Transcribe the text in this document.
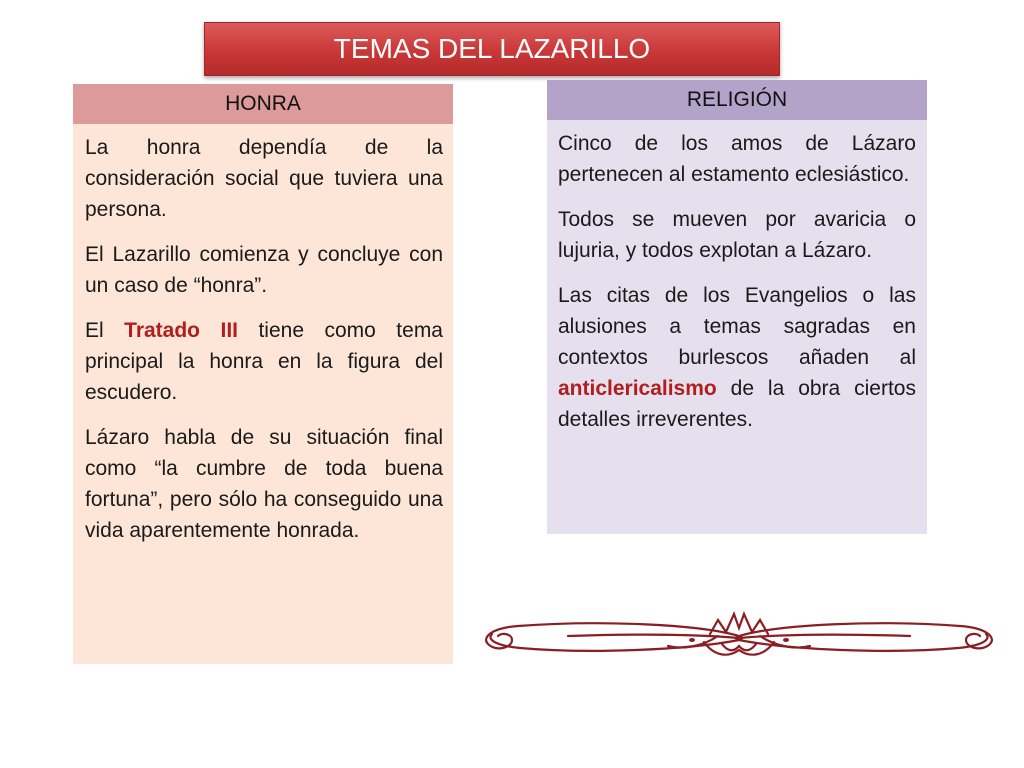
TEMAS DEL LAZARILLO
HONRA

La honra dependía de la consideración social que tuviera una persona.

El Lazarillo comienza y concluye con un caso de “honra”.

El Tratado III tiene como tema principal la honra en la figura del escudero.

Lázaro habla de su situación final como “la cumbre de toda buena fortuna”, pero sólo ha conseguido una vida aparentemente honrada.

RELIGIÓN

Cinco de los amos de Lázaro pertenecen al estamento eclesiástico.

Todos se mueven por avaricia o lujuria, y todos explotan a Lázaro.

Las citas de los Evangelios o las alusiones a temas sagradas en contextos burlescos añaden al anticlericalismo de la obra ciertos detalles irreverentes.
